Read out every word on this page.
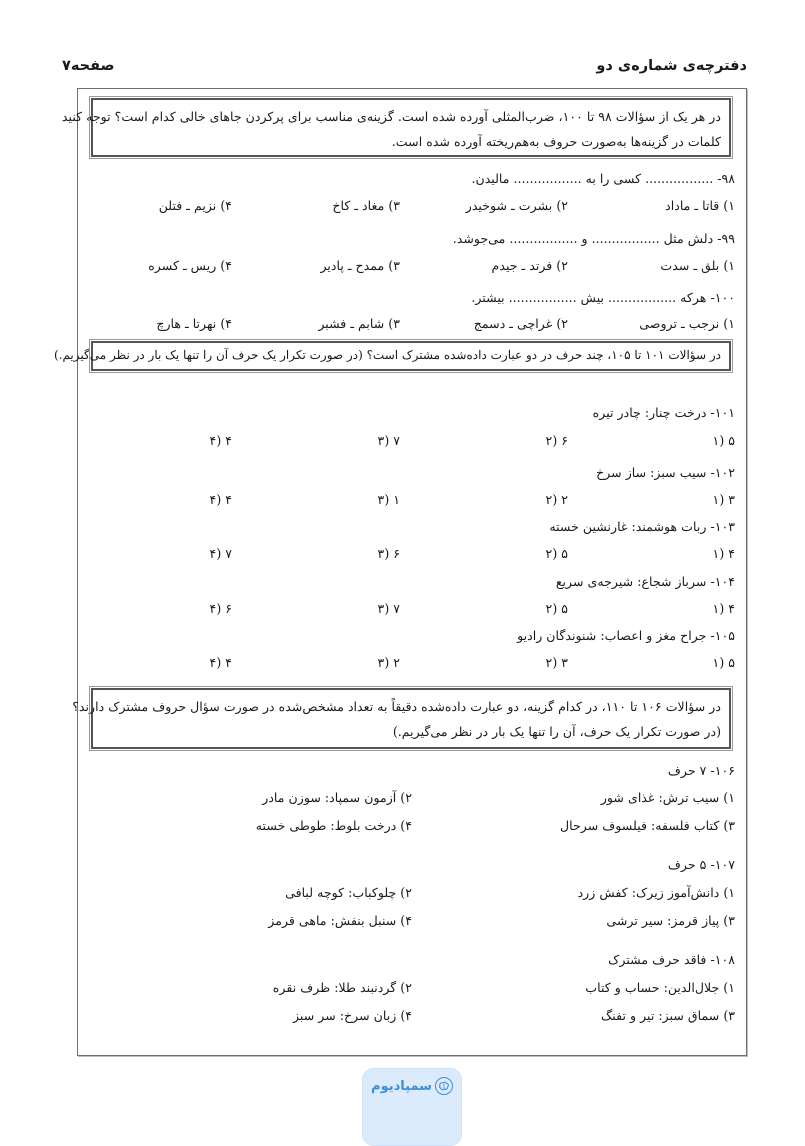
دفترچه‌ی شماره‌ی دو
صفحه۷

در هر یک از سؤالات ۹۸ تا ۱۰۰، ضرب‌المثلی آورده شده است. گزینه‌ی مناسب برای پرکردن جاهای خالی کدام است؟ توجه کنید

کلمات در گزینه‌ها به‌صورت حروف به‌هم‌ریخته آورده شده است.

۹۸- ................. کسی را به ................. مالیدن.
۱) قاتا ـ ماداد
۲) بشرت ـ شوخیدر
۳) مغاد ـ کاخ
۴) نزیم ـ فتلن
۹۹- دلش مثل ................. و ................. می‌جوشد.
۱) بلق ـ سدت
۲) فرتد ـ جیدم
۳) ممدح ـ پادیر
۴) ریس ـ کسره
۱۰۰- هرکه ................. بیش ................. بیشتر.
۱) نرجب ـ تروصی
۲) غراچی ـ دسمج
۳) شابم ـ فشبر
۴) نهرتا ـ هارچ

در سؤالات ۱۰۱ تا ۱۰۵، چند حرف در دو عبارت داده‌شده مشترک است؟ (در صورت تکرار یک حرف آن را تنها یک بار در نظر می‌گیریم.)

۱۰۱- درخت چنار: چادر تیره
۵ (۱
۶ (۲
۷ (۳
۴ (۴
۱۰۲- سیب سبز: ساز سرخ
۳ (۱
۲ (۲
۱ (۳
۴ (۴
۱۰۳- ربات هوشمند: غارنشین خسته
۴ (۱
۵ (۲
۶ (۳
۷ (۴
۱۰۴- سرباز شجاع: شیرجه‌ی سریع
۴ (۱
۵ (۲
۷ (۳
۶ (۴
۱۰۵- جراح مغز و اعصاب: شنوندگان رادیو
۵ (۱
۳ (۲
۲ (۳
۴ (۴

در سؤالات ۱۰۶ تا ۱۱۰، در کدام گزینه، دو عبارت داده‌شده دقیقاً به تعداد مشخص‌شده در صورت سؤال حروف مشترک دارند؟

(در صورت تکرار یک حرف، آن را تنها یک بار در نظر می‌گیریم.)

۱۰۶- ۷ حرف
۱) سیب ترش: غذای شور
۲) آزمون سمپاد: سوزن مادر
۳) کتاب فلسفه: فیلسوف سرحال
۴) درخت بلوط: طوطی خسته
۱۰۷- ۵ حرف
۱) دانش‌آموز زیرک: کفش زرد
۲) چلوکباب: کوچه لبافی
۳) پیاز قرمز: سیر ترشی
۴) سنبل بنفش: ماهی قرمز
۱۰۸- فاقد حرف مشترک
۱) جلال‌الدین: حساب و کتاب
۲) گردنبند طلا: ظرف نقره
۳) سماق سبز: تیر و تفنگ
۴) زبان سرخ: سر سبز
سمپادیوم
